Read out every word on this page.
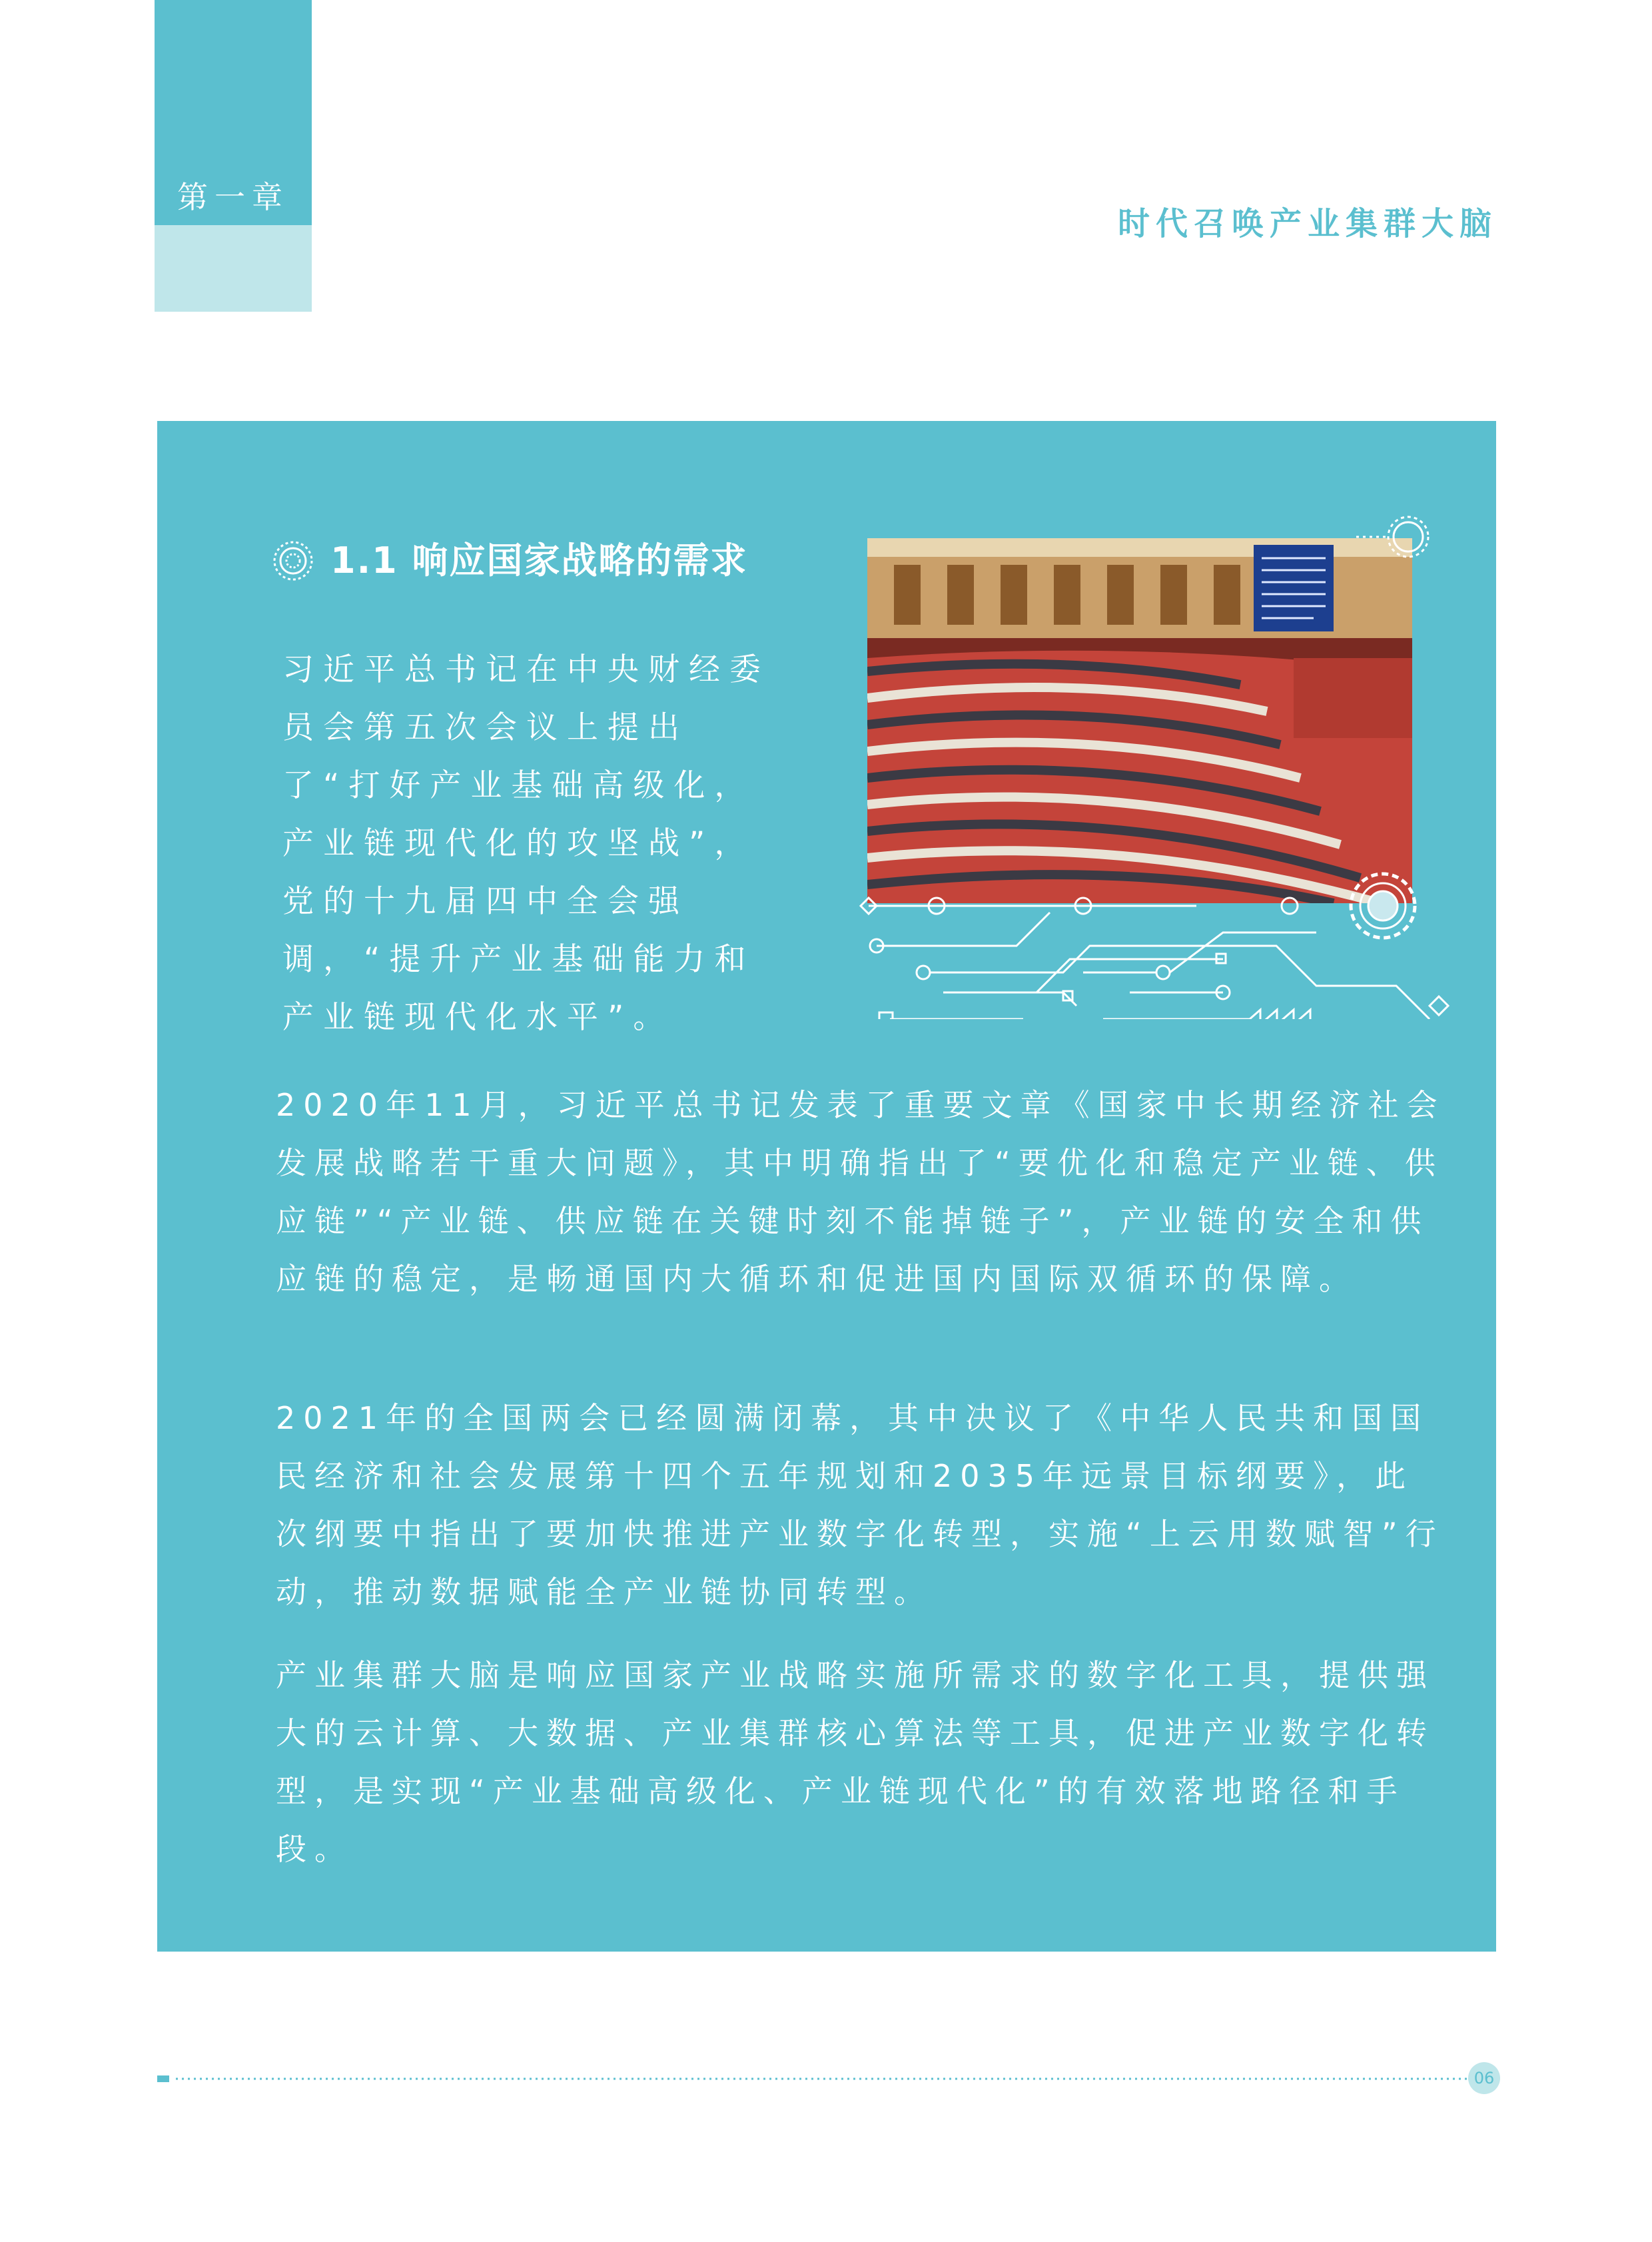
第一章
时代召唤产业集群大脑
1.1 响应国家战略的需求
习近平总书记在中央财经委员会第五次会议上提出了“打好产业基础高级化，产业链现代化的攻坚战”，党的十九届四中全会强调，“提升产业基础能力和产业链现代化水平”。
2020年11月，习近平总书记发表了重要文章《国家中长期经济社会发展战略若干重大问题》，其中明确指出了“要优化和稳定产业链、供应链”“产业链、供应链在关键时刻不能掉链子”，产业链的安全和供应链的稳定，是畅通国内大循环和促进国内国际双循环的保障。
2021年的全国两会已经圆满闭幕，其中决议了《中华人民共和国国民经济和社会发展第十四个五年规划和2035年远景目标纲要》，此次纲要中指出了要加快推进产业数字化转型，实施“上云用数赋智”行动，推动数据赋能全产业链协同转型。
产业集群大脑是响应国家产业战略实施所需求的数字化工具，提供强大的云计算、大数据、产业集群核心算法等工具，促进产业数字化转型，是实现“产业基础高级化、产业链现代化”的有效落地路径和手段。
06
